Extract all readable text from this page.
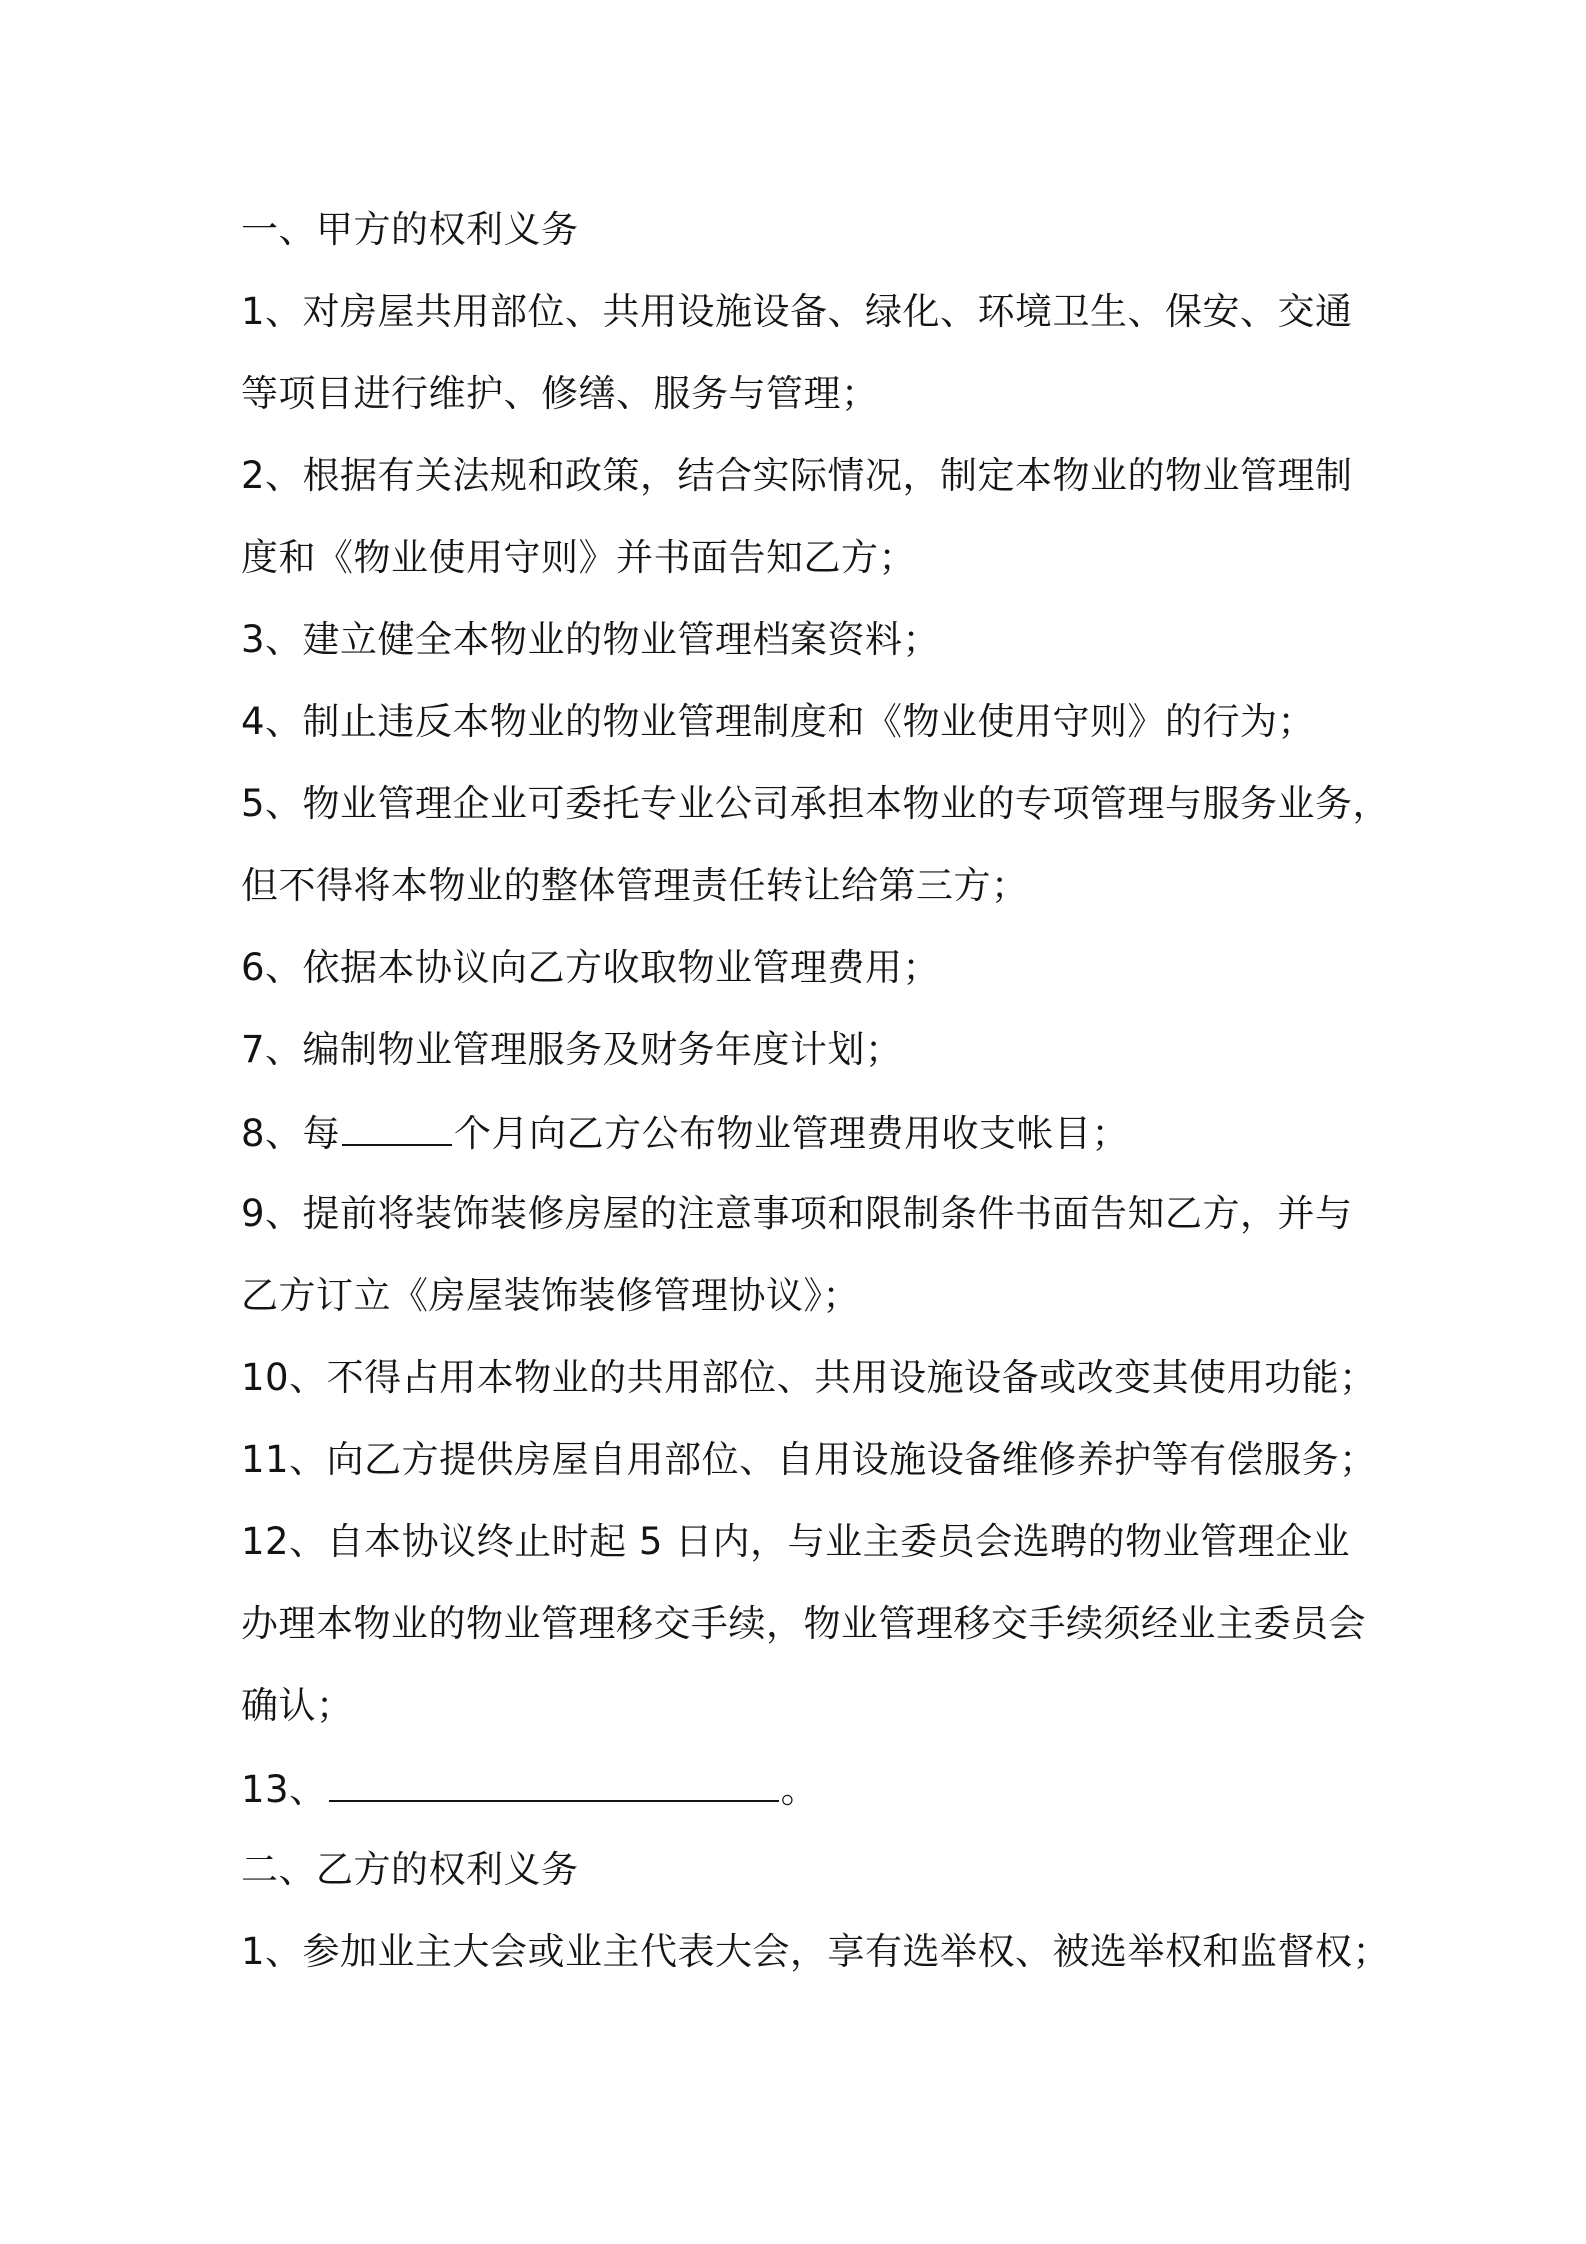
一、甲方的权利义务
1、对房屋共用部位、共用设施设备、绿化、环境卫生、保安、交通
等项目进行维护、修缮、服务与管理；
2、根据有关法规和政策，结合实际情况，制定本物业的物业管理制
度和《物业使用守则》并书面告知乙方；
3、建立健全本物业的物业管理档案资料；
4、制止违反本物业的物业管理制度和《物业使用守则》的行为；
5、物业管理企业可委托专业公司承担本物业的专项管理与服务业务，
但不得将本物业的整体管理责任转让给第三方；
6、依据本协议向乙方收取物业管理费用；
7、编制物业管理服务及财务年度计划；
8、每	个月向乙方公布物业管理费用收支帐目；
9、提前将装饰装修房屋的注意事项和限制条件书面告知乙方，并与
乙方订立《房屋装饰装修管理协议》；
10、不得占用本物业的共用部位、共用设施设备或改变其使用功能；
11、向乙方提供房屋自用部位、自用设施设备维修养护等有偿服务；
12、自本协议终止时起 5 日内，与业主委员会选聘的物业管理企业
办理本物业的物业管理移交手续，物业管理移交手续须经业主委员会
确认；
13、	。
二、乙方的权利义务
1、参加业主大会或业主代表大会，享有选举权、被选举权和监督权；
